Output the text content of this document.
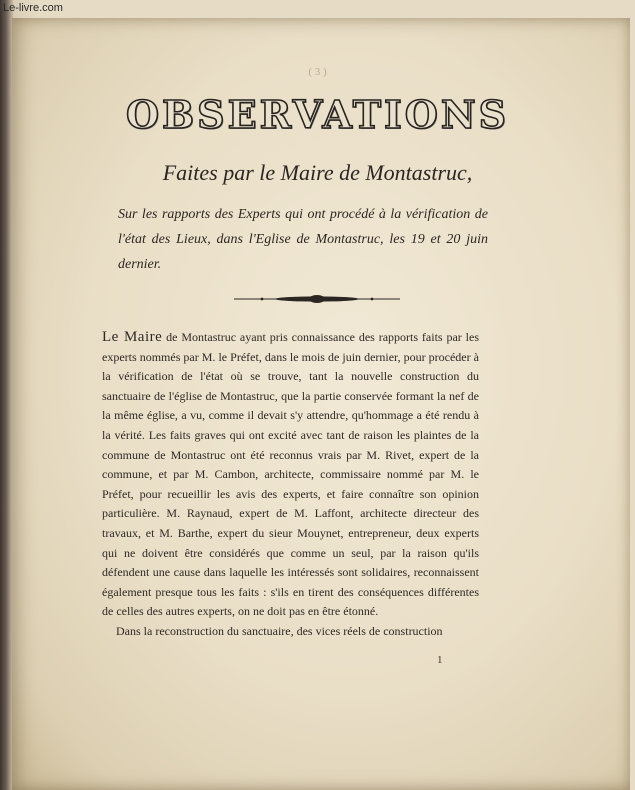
Le-livre.com
( 3 )
OBSERVATIONS
Faites par le Maire de Montastruc,
Sur les rapports des Experts qui ont procédé à la vérification de l'état des Lieux, dans l'Eglise de Montastruc, les 19 et 20 juin dernier.

Le Maire de Montastruc ayant pris connaissance des rapports faits par les experts nommés par M. le Préfet, dans le mois de juin dernier, pour procéder à la vérification de l'état où se trouve, tant la nouvelle construction du sanctuaire de l'église de Montastruc, que la partie conservée formant la nef de la même église, a vu, comme il devait s'y attendre, qu'hommage a été rendu à la vérité. Les faits graves qui ont excité avec tant de raison les plaintes de la commune de Montastruc ont été reconnus vrais par M. Rivet, expert de la commune, et par M. Cambon, architecte, commissaire nommé par M. le Préfet, pour recueillir les avis des experts, et faire connaître son opinion particulière. M. Raynaud, expert de M. Laffont, architecte directeur des travaux, et M. Barthe, expert du sieur Mouynet, entrepreneur, deux experts qui ne doivent être considérés que comme un seul, par la raison qu'ils défendent une cause dans laquelle les intéressés sont solidaires, reconnaissent également presque tous les faits : s'ils en tirent des conséquences différentes de celles des autres experts, on ne doit pas en être étonné.

Dans la reconstruction du sanctuaire, des vices réels de construction

1
